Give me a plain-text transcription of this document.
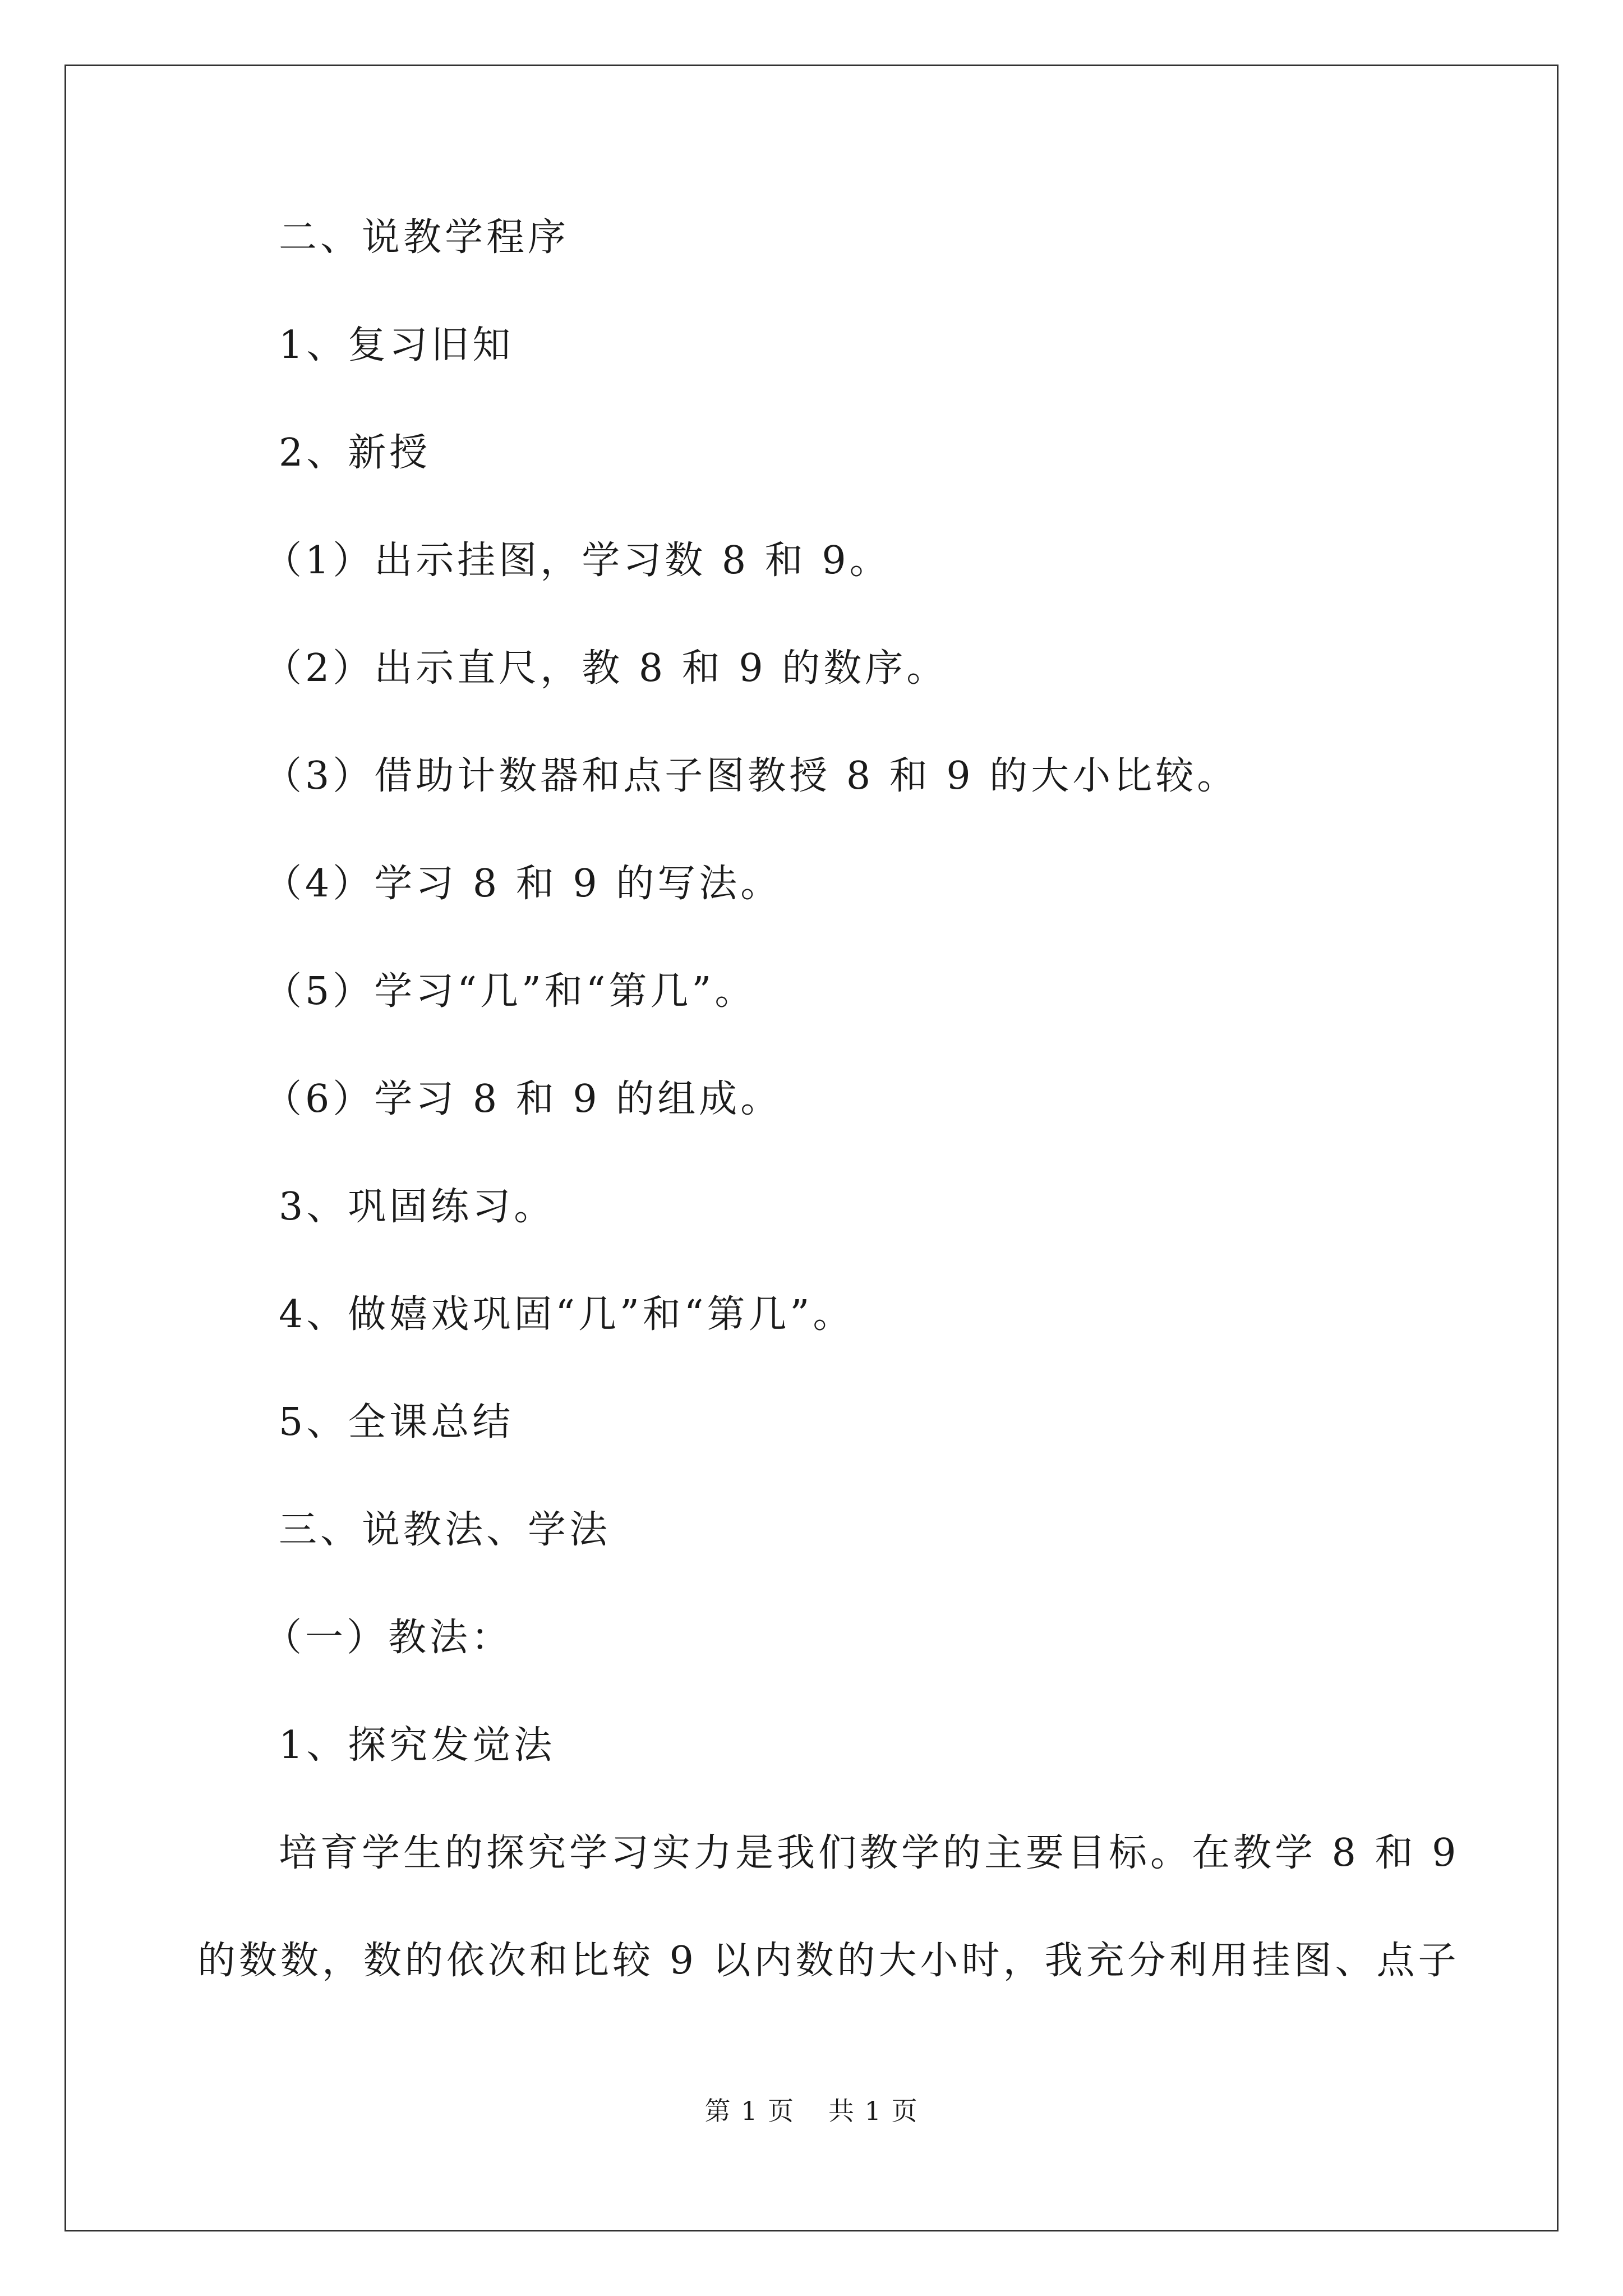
二、说教学程序

1、复习旧知

2、新授

（1）出示挂图，学习数 8 和 9。

（2）出示直尺，教 8 和 9 的数序。

（3）借助计数器和点子图教授 8 和 9 的大小比较。

（4）学习 8 和 9 的写法。

（5）学习“几”和“第几”。

（6）学习 8 和 9 的组成。

3、巩固练习。

4、做嬉戏巩固“几”和“第几”。

5、全课总结

三、说教法、学法

（一）教法：

1、探究发觉法

培育学生的探究学习实力是我们教学的主要目标。在教学 8 和 9
的数数，数的依次和比较 9 以内数的大小时，我充分利用挂图、点子
第 1 页 共 1 页
